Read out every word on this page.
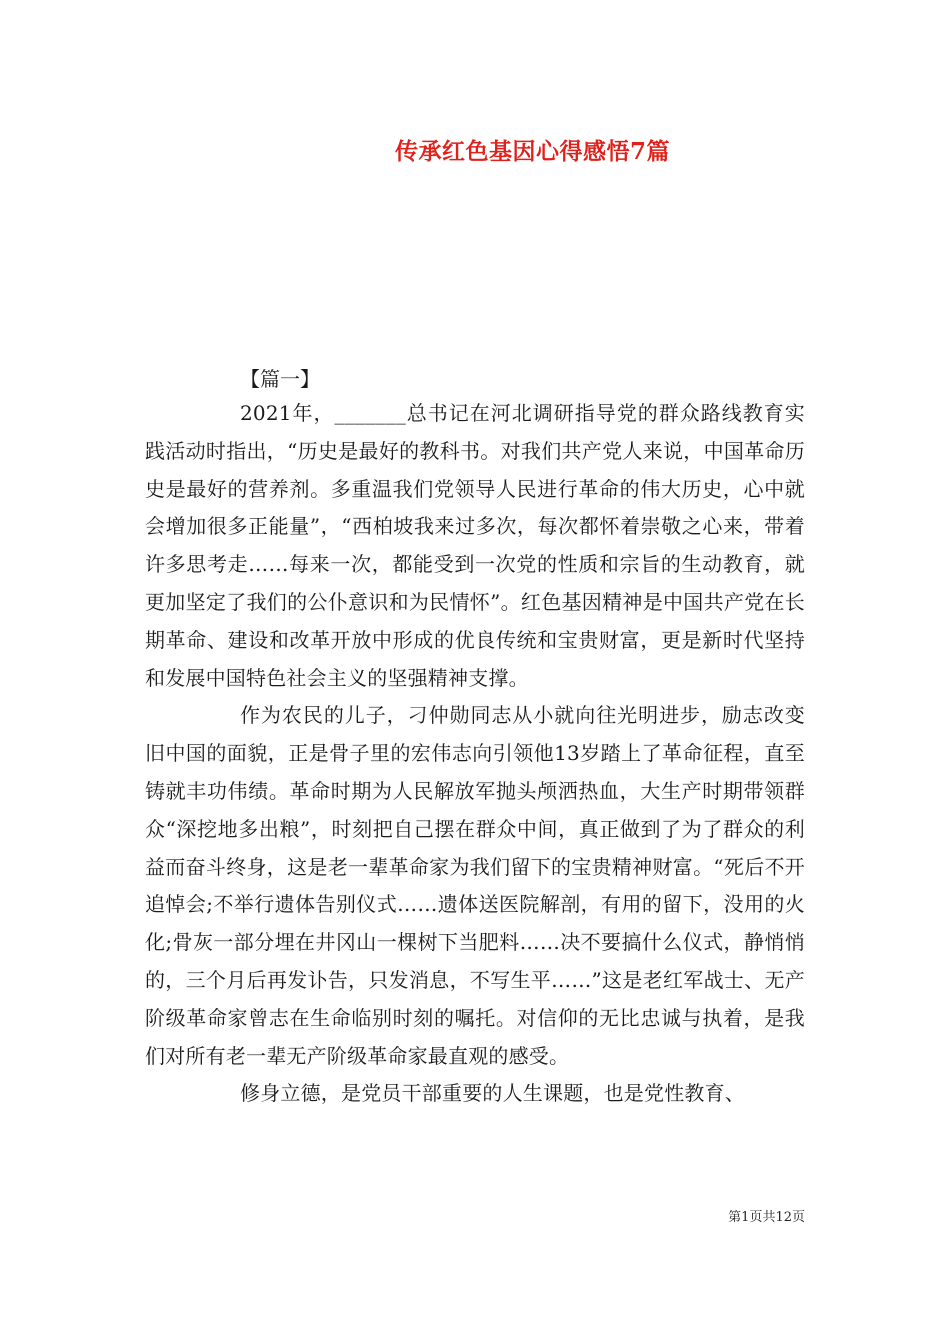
传承红色基因心得感悟7篇

【篇一】

2021年，_______总书记在河北调研指导党的群众路线教育实践活动时指出，“历史是最好的教科书。对我们共产党人来说，中国革命历史是最好的营养剂。多重温我们党领导人民进行革命的伟大历史，心中就会增加很多正能量”，“西柏坡我来过多次，每次都怀着崇敬之心来，带着许多思考走……每来一次，都能受到一次党的性质和宗旨的生动教育，就更加坚定了我们的公仆意识和为民情怀”。红色基因精神是中国共产党在长期革命、建设和改革开放中形成的优良传统和宝贵财富，更是新时代坚持和发展中国特色社会主义的坚强精神支撑。

作为农民的儿子，刁仲勋同志从小就向往光明进步，励志改变旧中国的面貌，正是骨子里的宏伟志向引领他13岁踏上了革命征程，直至铸就丰功伟绩。革命时期为人民解放军抛头颅洒热血，大生产时期带领群众“深挖地多出粮”，时刻把自己摆在群众中间，真正做到了为了群众的利益而奋斗终身，这是老一辈革命家为我们留下的宝贵精神财富。“死后不开追悼会;不举行遗体告别仪式……遗体送医院解剖，有用的留下，没用的火化;骨灰一部分埋在井冈山一棵树下当肥料……决不要搞什么仪式，静悄悄的，三个月后再发讣告，只发消息，不写生平……”这是老红军战士、无产阶级革命家曾志在生命临别时刻的嘱托。对信仰的无比忠诚与执着，是我们对所有老一辈无产阶级革命家最直观的感受。

修身立德，是党员干部重要的人生课题，也是党性教育、

第1页共12页
